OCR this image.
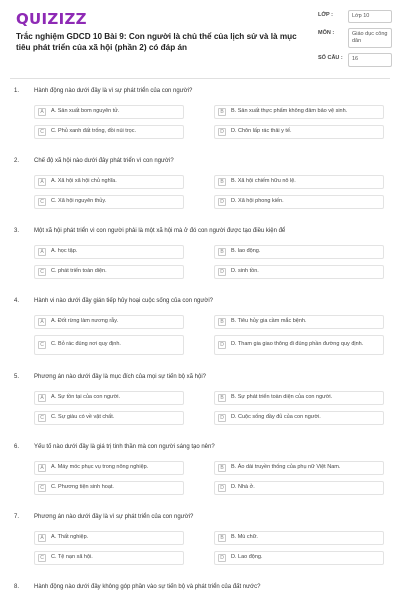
QUIZIZZ
Trắc nghiệm GDCD 10 Bài 9: Con người là chủ thể của lịch sử và là mục tiêu phát triển của xã hội (phần 2) có đáp án
LỚP :	Lớp 10
MÔN :	Giáo dục công dân
SỐ CÂU :	16
1. Hành động nào dưới đây là vì sự phát triển của con người?
A	A. Sản xuất bom nguyên tử.	B	B. Sản xuất thực phẩm không đảm bảo vệ sinh.
C	C. Phủ xanh đất trống, đồi núi trọc.	D	D. Chôn lấp rác thải y tế.
2. Chế độ xã hội nào dưới đây phát triển vì con người?
A	A. Xã hội xã hội chủ nghĩa.	B	B. Xã hội chiếm hữu nô lệ.
C	C. Xã hội nguyên thủy.	D	D. Xã hội phong kiến.
3. Một xã hội phát triển vì con người phải là một xã hội mà ở đó con người được tạo điều kiện để
A	A. học tập.	B	B. lao động.
C	C. phát triển toàn diện.	D	D. sinh tồn.
4. Hành vi nào dưới đây gián tiếp hủy hoại cuộc sống của con người?
A	A. Đốt rừng làm nương rẫy.	B	B. Tiêu hủy gia cầm mắc bệnh.
C	C. Bỏ rác đúng nơi quy định.	D	D. Tham gia giao thông đi đúng phần đường quy định.
5. Phương án nào dưới đây là mục đích của mọi sự tiến bộ xã hội?
A	A. Sự tồn tại của con người.	B	B. Sự phát triển toàn diện của con người.
C	C. Sự giàu có về vật chất.	D	D. Cuộc sống đầy đủ của con người.
6. Yếu tố nào dưới đây là giá trị tinh thần mà con người sáng tạo nên?
A	A. Máy móc phục vụ trong nông nghiệp.	B	B. Áo dài truyền thống của phụ nữ Việt Nam.
C	C. Phương tiện sinh hoạt.	D	D. Nhà ở.
7. Phương án nào dưới đây là vì sự phát triển của con người?
A	A. Thất nghiệp.	B	B. Mù chữ.
C	C. Tệ nạn xã hội.	D	D. Lao động.
8. Hành động nào dưới đây không góp phần vào sự tiến bộ và phát triển của đất nước?
